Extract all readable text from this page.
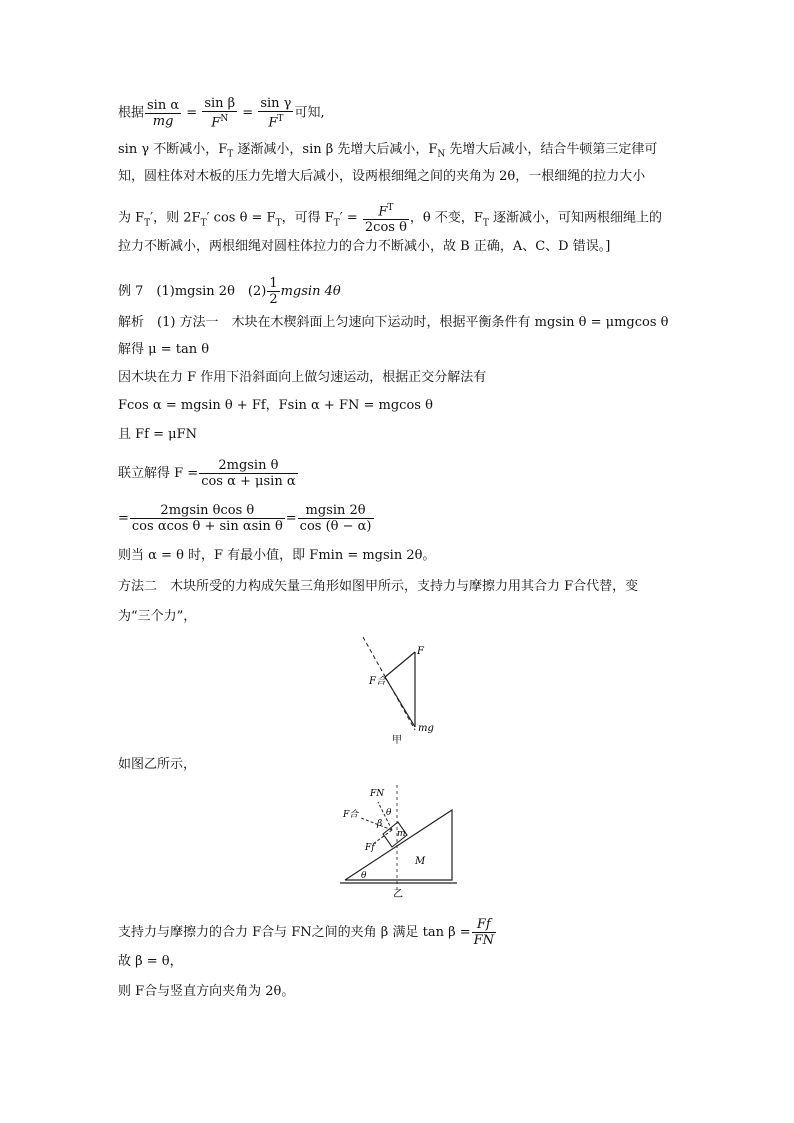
根据 $\frac{\text{sin α}}{mg} = \frac{\text{sin β}}{F^N} = \frac{\text{sin γ}}{F^T}$ 可知,
sin γ 不断减小，$F_T$ 逐渐减小，sin β 先增大后减小，$F_N$ 先增大后减小，结合牛顿第三定律可
知，圆柱体对木板的压力先增大后减小，设两根细绳之间的夹角为 2θ，一根细绳的拉力大小
为 $F_T'$，则 $2F_T'$ $\cos \theta = F_T$，可得 $F_T' = \frac{F^T}{\text{2cos θ}}$ ，θ 不变，$F_T$ 逐渐减小，可知两根细绳上的
拉力不断减小，两根细绳对圆柱体拉力的合力不断减小，故 B 正确，A、C、D 错误。]
例 7　(1)mgsin 2θ　$(2) \frac{1}{2}$ mgsin 4θ
解析　(1) 方法一　木块在木楔斜面上匀速向下运动时，根据平衡条件有 mgsin θ = μmgcos θ
解得 μ = tan θ
因木块在力 F 作用下沿斜面向上做匀速运动，根据正交分解法有
Fcos α = mgsin θ + Ff，Fsin α + FN = mgcos θ
且 Ff = μFN
联立解得 $F = \frac{\text{2mgsin θ}}{\text{cos α + μsin α}}$
= $\frac{\text{2mgsin θcos θ}}{\text{cos αcos θ + sin αsin θ}} = \frac{mgsin 2\theta}{\cos (\theta - \alpha)}$
则当 α = θ 时，F 有最小值，即 Fmin = mgsin 2θ。
方法二　木块所受的力构成矢量三角形如图甲所示，支持力与摩擦力用其合力 F合代替，变
为“三个力”，
F
F合
mg
甲
如图乙所示，
FN
F合	θ
β
m
Ff
M
θ
乙
支持力与摩擦力的合力 F合与 FN之间的夹角 β 满足 $\tan \beta = \frac{Ff}{FN}$
故 β = θ，
则 F合与竖直方向夹角为 2θ。
